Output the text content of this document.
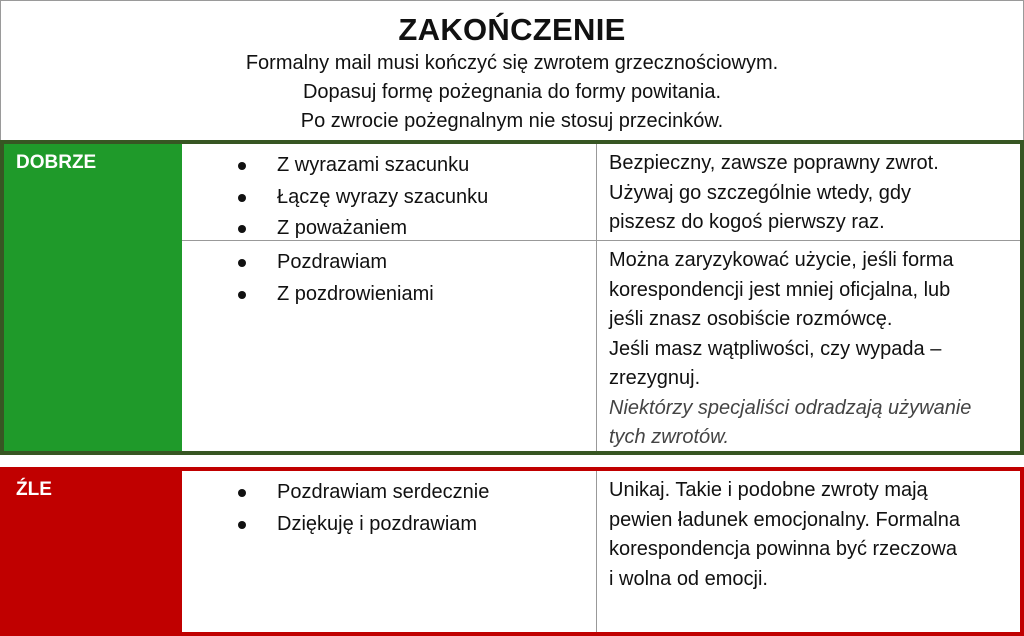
ZAKOŃCZENIE
Formalny mail musi kończyć się zwrotem grzecznościowym.
Dopasuj formę pożegnania do formy powitania.
Po zwrocie pożegnalnym nie stosuj przecinków.
DOBRZE	Z wyrazami szacunku
Łączę wyrazy szacunku
Z poważaniem
Bezpieczny, zawsze poprawny zwrot.
Używaj go szczególnie wtedy, gdy
piszesz do kogoś pierwszy raz.
Pozdrawiam
Z pozdrowieniami
Można zaryzykować użycie, jeśli forma
korespondencji jest mniej oficjalna, lub
jeśli znasz osobiście rozmówcę.
Jeśli masz wątpliwości, czy wypada –
zrezygnuj.
Niektórzy specjaliści odradzają używanie
tych zwrotów.
ŹLE	Pozdrawiam serdecznie
Dziękuję i pozdrawiam
Unikaj. Takie i podobne zwroty mają
pewien ładunek emocjonalny. Formalna
korespondencja powinna być rzeczowa
i wolna od emocji.
